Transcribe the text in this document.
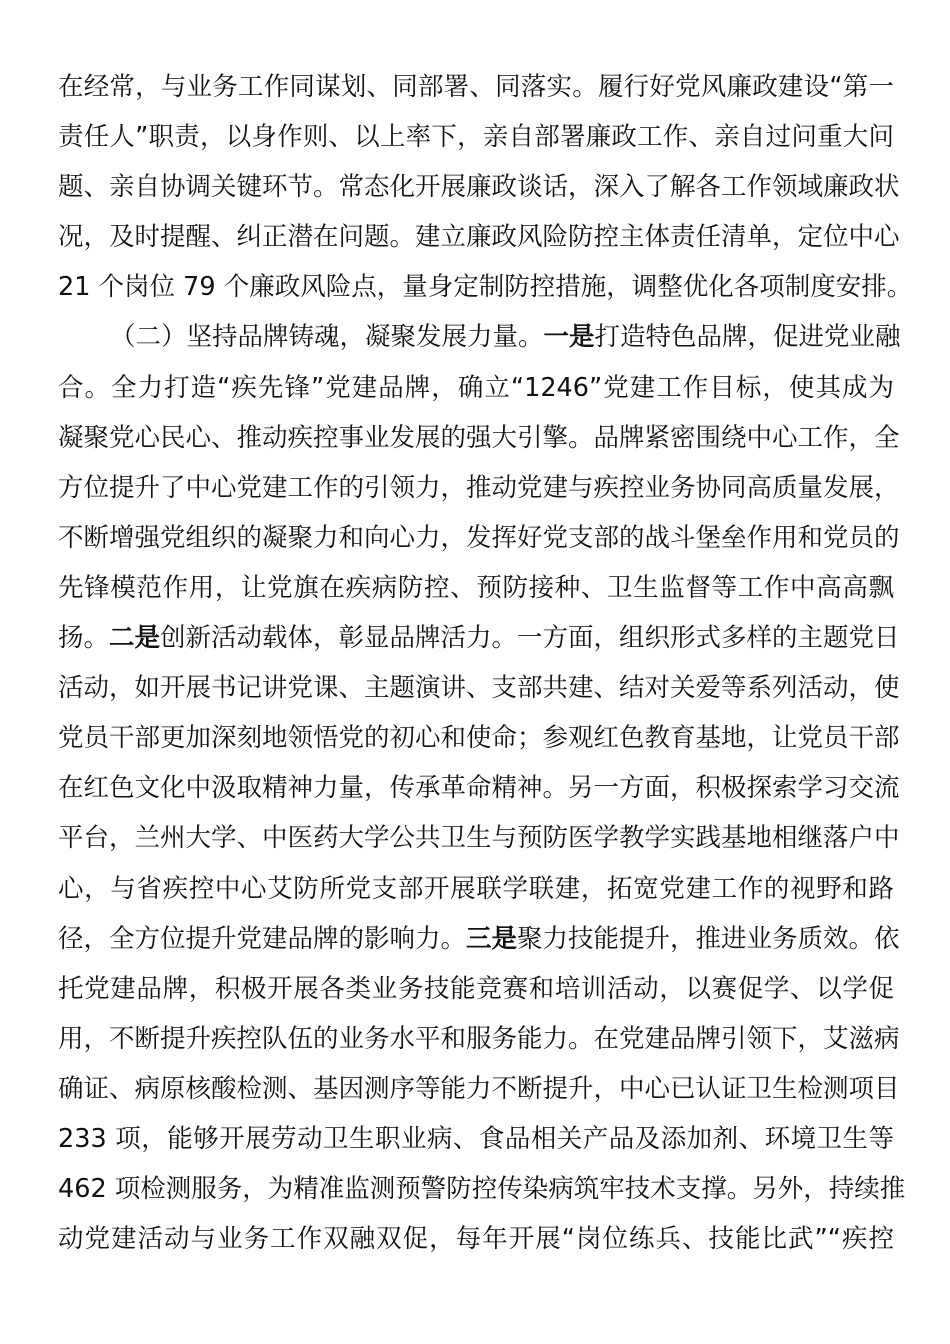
在经常，与业务工作同谋划、同部署、同落实。履行好党风廉政建设“第一
责任人”职责，以身作则、以上率下，亲自部署廉政工作、亲自过问重大问
题、亲自协调关键环节。常态化开展廉政谈话，深入了解各工作领域廉政状
况，及时提醒、纠正潜在问题。建立廉政风险防控主体责任清单，定位中心
21 个岗位 79 个廉政风险点，量身定制防控措施，调整优化各项制度安排。
（二）坚持品牌铸魂，凝聚发展力量。一是打造特色品牌，促进党业融
合。全力打造“疾先锋”党建品牌，确立“1246”党建工作目标，使其成为
凝聚党心民心、推动疾控事业发展的强大引擎。品牌紧密围绕中心工作，全
方位提升了中心党建工作的引领力，推动党建与疾控业务协同高质量发展，
不断增强党组织的凝聚力和向心力，发挥好党支部的战斗堡垒作用和党员的
先锋模范作用，让党旗在疾病防控、预防接种、卫生监督等工作中高高飘
扬。二是创新活动载体，彰显品牌活力。一方面，组织形式多样的主题党日
活动，如开展书记讲党课、主题演讲、支部共建、结对关爱等系列活动，使
党员干部更加深刻地领悟党的初心和使命；参观红色教育基地，让党员干部
在红色文化中汲取精神力量，传承革命精神。另一方面，积极探索学习交流
平台，兰州大学、中医药大学公共卫生与预防医学教学实践基地相继落户中
心，与省疾控中心艾防所党支部开展联学联建，拓宽党建工作的视野和路
径，全方位提升党建品牌的影响力。三是聚力技能提升，推进业务质效。依
托党建品牌，积极开展各类业务技能竞赛和培训活动，以赛促学、以学促
用，不断提升疾控队伍的业务水平和服务能力。在党建品牌引领下，艾滋病
确证、病原核酸检测、基因测序等能力不断提升，中心已认证卫生检测项目
233 项，能够开展劳动卫生职业病、食品相关产品及添加剂、环境卫生等
462 项检测服务，为精准监测预警防控传染病筑牢技术支撑。另外，持续推
动党建活动与业务工作双融双促，每年开展“岗位练兵、技能比武”“疾控
